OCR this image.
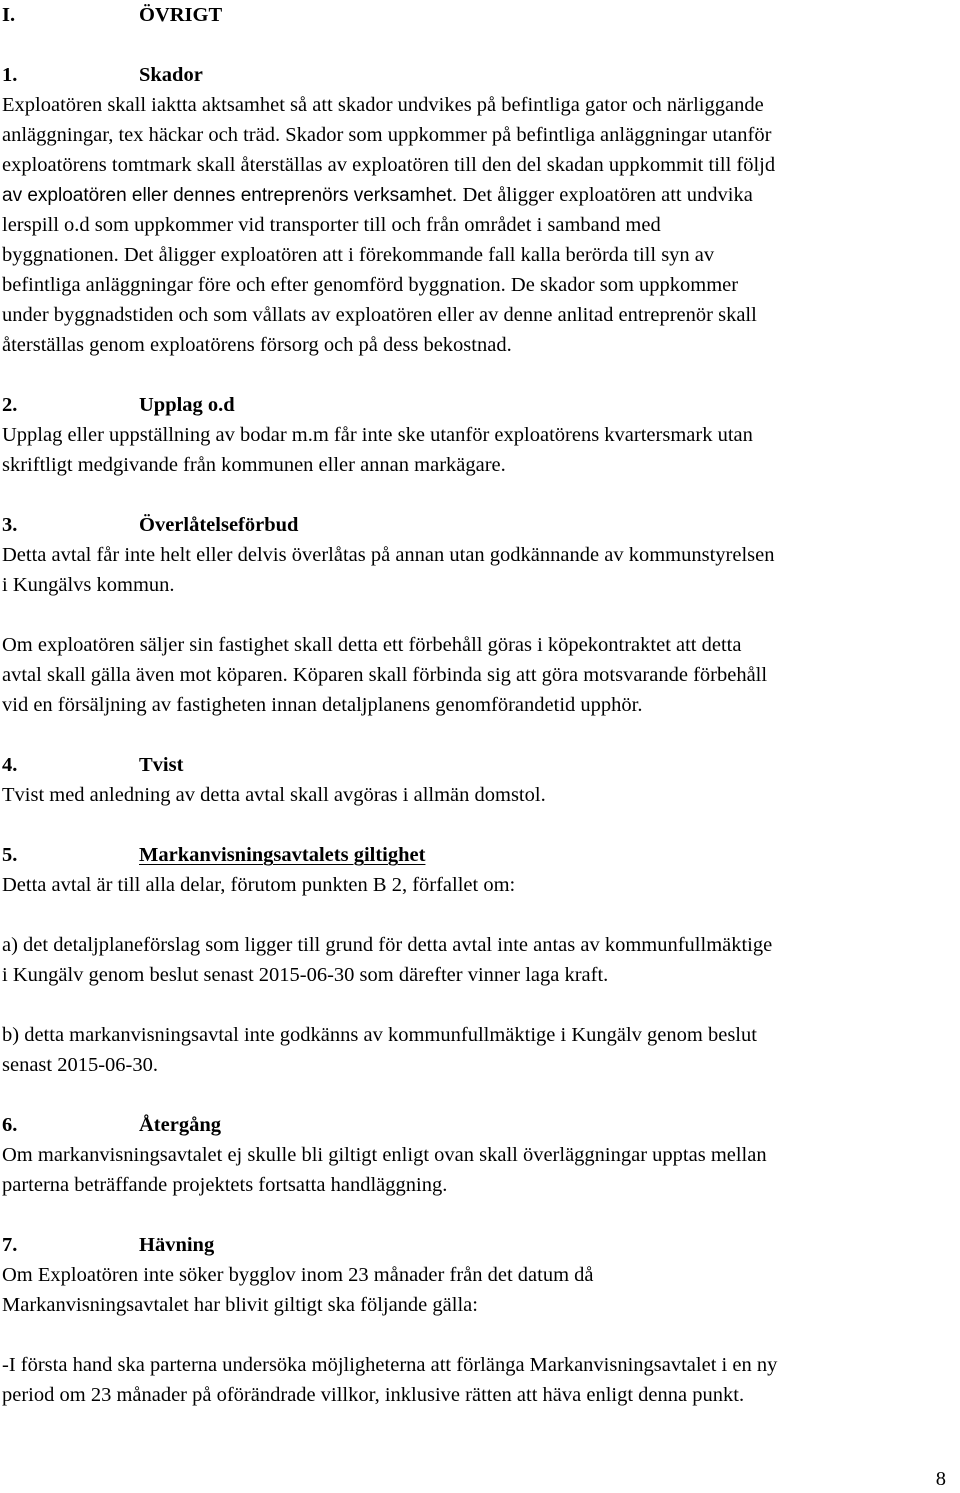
I.	ÖVRIGT
1.	Skador
Exploatören skall iaktta aktsamhet så att skador undvikes på befintliga gator och närliggande
anläggningar, tex häckar och träd. Skador som uppkommer på befintliga anläggningar utanför
exploatörens tomtmark skall återställas av exploatören till den del skadan uppkommit till följd
av exploatören eller dennes entreprenörs verksamhet. Det åligger exploatören att undvika
lerspill o.d som uppkommer vid transporter till och från området i samband med
byggnationen. Det åligger exploatören att i förekommande fall kalla berörda till syn av
befintliga anläggningar före och efter genomförd byggnation. De skador som uppkommer
under byggnadstiden och som vållats av exploatören eller av denne anlitad entreprenör skall
återställas genom exploatörens försorg och på dess bekostnad.
2.	Upplag o.d
Upplag eller uppställning av bodar m.m får inte ske utanför exploatörens kvartersmark utan
skriftligt medgivande från kommunen eller annan markägare.
3.	Överlåtelseförbud
Detta avtal får inte helt eller delvis överlåtas på annan utan godkännande av kommunstyrelsen
i Kungälvs kommun.
Om exploatören säljer sin fastighet skall detta ett förbehåll göras i köpekontraktet att detta
avtal skall gälla även mot köparen. Köparen skall förbinda sig att göra motsvarande förbehåll
vid en försäljning av fastigheten innan detaljplanens genomförandetid upphör.
4.	Tvist
Tvist med anledning av detta avtal skall avgöras i allmän domstol.
5.	Markanvisningsavtalets giltighet
Detta avtal är till alla delar, förutom punkten B 2, förfallet om:
a) det detaljplaneförslag som ligger till grund för detta avtal inte antas av kommunfullmäktige
i Kungälv genom beslut senast 2015-06-30 som därefter vinner laga kraft.
b) detta markanvisningsavtal inte godkänns av kommunfullmäktige i Kungälv genom beslut
senast 2015-06-30.
6.	Återgång
Om markanvisningsavtalet ej skulle bli giltigt enligt ovan skall överläggningar upptas mellan
parterna beträffande projektets fortsatta handläggning.
7.	Hävning
Om Exploatören inte söker bygglov inom 23 månader från det datum då
Markanvisningsavtalet har blivit giltigt ska följande gälla:
-I första hand ska parterna undersöka möjligheterna att förlänga Markanvisningsavtalet i en ny
period om 23 månader på oförändrade villkor, inklusive rätten att häva enligt denna punkt.
8
